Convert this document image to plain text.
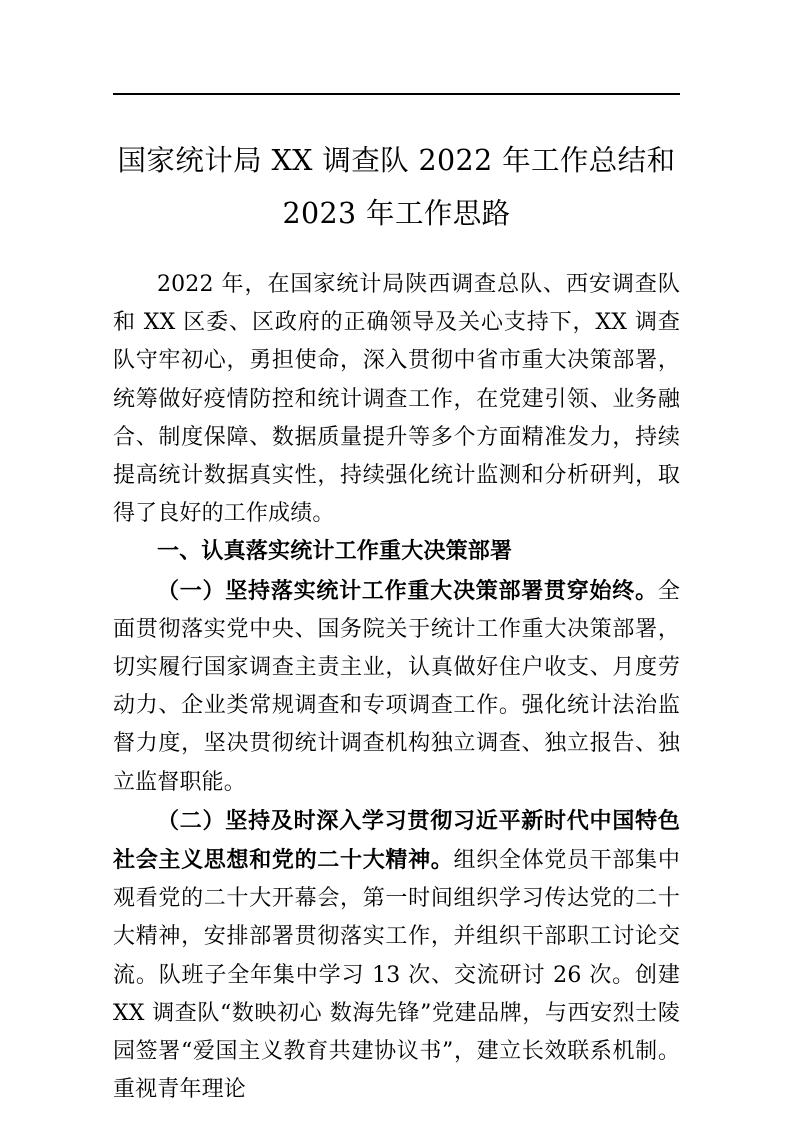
国家统计局 XX 调查队 2022 年工作总结和
2023 年工作思路

2022 年，在国家统计局陕西调查总队、西安调查队和 XX 区委、区政府的正确领导及关心支持下，XX 调查队守牢初心，勇担使命，深入贯彻中省市重大决策部署，统筹做好疫情防控和统计调查工作，在党建引领、业务融合、制度保障、数据质量提升等多个方面精准发力，持续提高统计数据真实性，持续强化统计监测和分析研判，取得了良好的工作成绩。

一、认真落实统计工作重大决策部署

（一）坚持落实统计工作重大决策部署贯穿始终。全面贯彻落实党中央、国务院关于统计工作重大决策部署，切实履行国家调查主责主业，认真做好住户收支、月度劳动力、企业类常规调查和专项调查工作。强化统计法治监督力度，坚决贯彻统计调查机构独立调查、独立报告、独立监督职能。

（二）坚持及时深入学习贯彻习近平新时代中国特色社会主义思想和党的二十大精神。组织全体党员干部集中观看党的二十大开幕会，第一时间组织学习传达党的二十大精神，安排部署贯彻落实工作，并组织干部职工讨论交流。队班子全年集中学习 13 次、交流研讨 26 次。创建 XX 调查队“数映初心 数海先锋”党建品牌，与西安烈士陵园签署“爱国主义教育共建协议书”，建立长效联系机制。重视青年理论
